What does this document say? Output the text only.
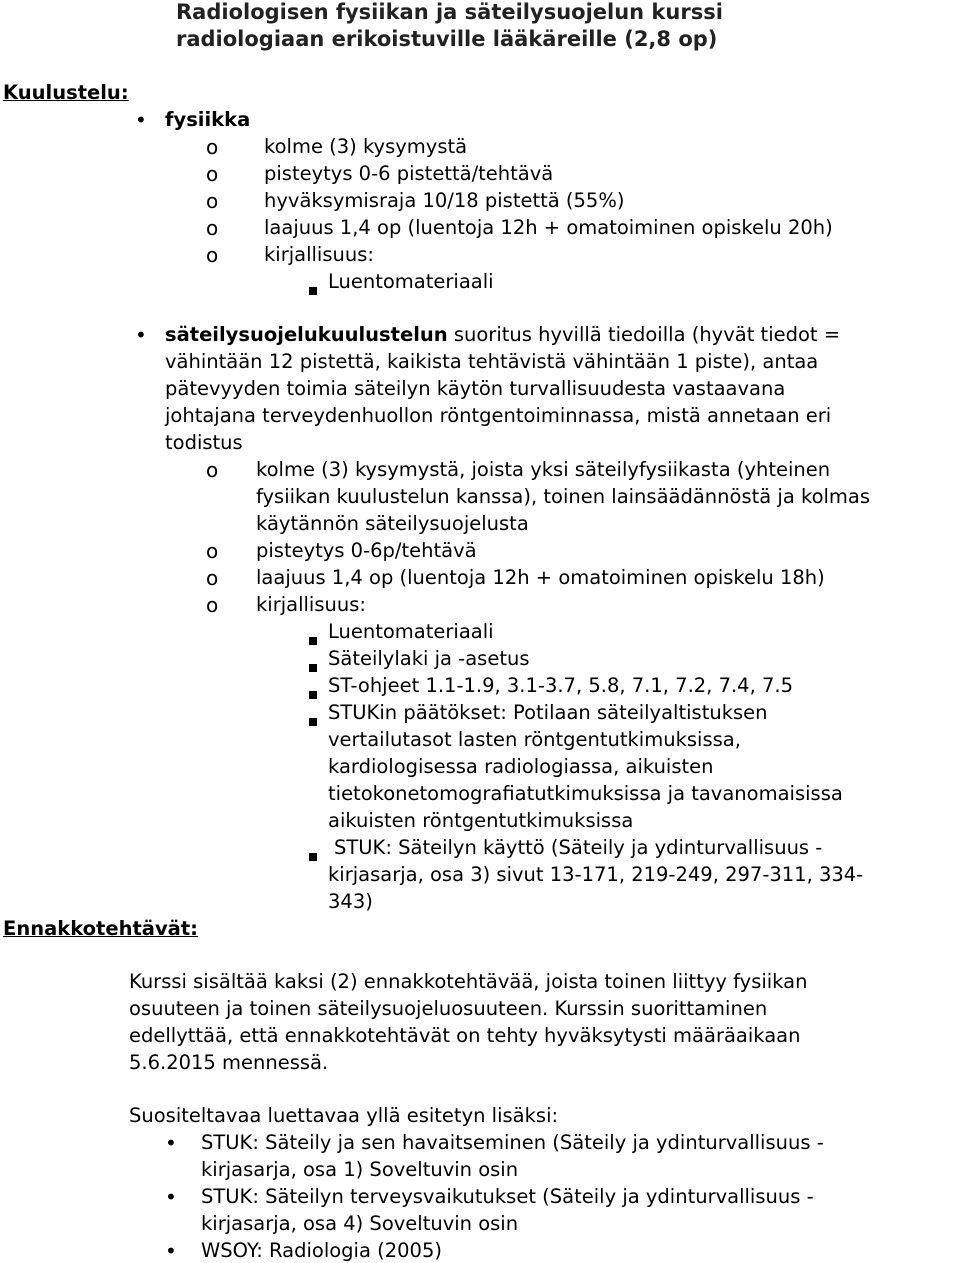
Radiologisen fysiikan ja säteilysuojelun kurssi
radiologiaan erikoistuville lääkäreille (2,8 op)
Kuulustelu:
• fysiikka
o kolme (3) kysymystä
o pisteytys 0-6 pistettä/tehtävä
o hyväksymisraja 10/18 pistettä (55%)
o laajuus 1,4 op (luentoja 12h + omatoiminen opiskelu 20h)
o kirjallisuus:
Luentomateriaali
• säteilysuojelukuulustelun suoritus hyvillä tiedoilla (hyvät tiedot =
vähintään 12 pistettä, kaikista tehtävistä vähintään 1 piste), antaa
pätevyyden toimia säteilyn käytön turvallisuudesta vastaavana
johtajana terveydenhuollon röntgentoiminnassa, mistä annetaan eri
todistus
o kolme (3) kysymystä, joista yksi säteilyfysiikasta (yhteinen
fysiikan kuulustelun kanssa), toinen lainsäädännöstä ja kolmas
käytännön säteilysuojelusta
o pisteytys 0-6p/tehtävä
o laajuus 1,4 op (luentoja 12h + omatoiminen opiskelu 18h)
o kirjallisuus:
Luentomateriaali
Säteilylaki ja -asetus
ST-ohjeet 1.1-1.9, 3.1-3.7, 5.8, 7.1, 7.2, 7.4, 7.5
STUKin päätökset: Potilaan säteilyaltistuksen
vertailutasot lasten röntgentutkimuksissa,
kardiologisessa radiologiassa, aikuisten
tietokonetomografiatutkimuksissa ja tavanomaisissa
aikuisten röntgentutkimuksissa
STUK: Säteilyn käyttö (Säteily ja ydinturvallisuus -
kirjasarja, osa 3) sivut 13-171, 219-249, 297-311, 334-
343)
Ennakkotehtävät:
Kurssi sisältää kaksi (2) ennakkotehtävää, joista toinen liittyy fysiikan
osuuteen ja toinen säteilysuojeluosuuteen. Kurssin suorittaminen
edellyttää, että ennakkotehtävät on tehty hyväksytysti määräaikaan
5.6.2015 mennessä.
Suositeltavaa luettavaa yllä esitetyn lisäksi:
• STUK: Säteily ja sen havaitseminen (Säteily ja ydinturvallisuus -
kirjasarja, osa 1) Soveltuvin osin
• STUK: Säteilyn terveysvaikutukset (Säteily ja ydinturvallisuus -
kirjasarja, osa 4) Soveltuvin osin
• WSOY: Radiologia (2005)
